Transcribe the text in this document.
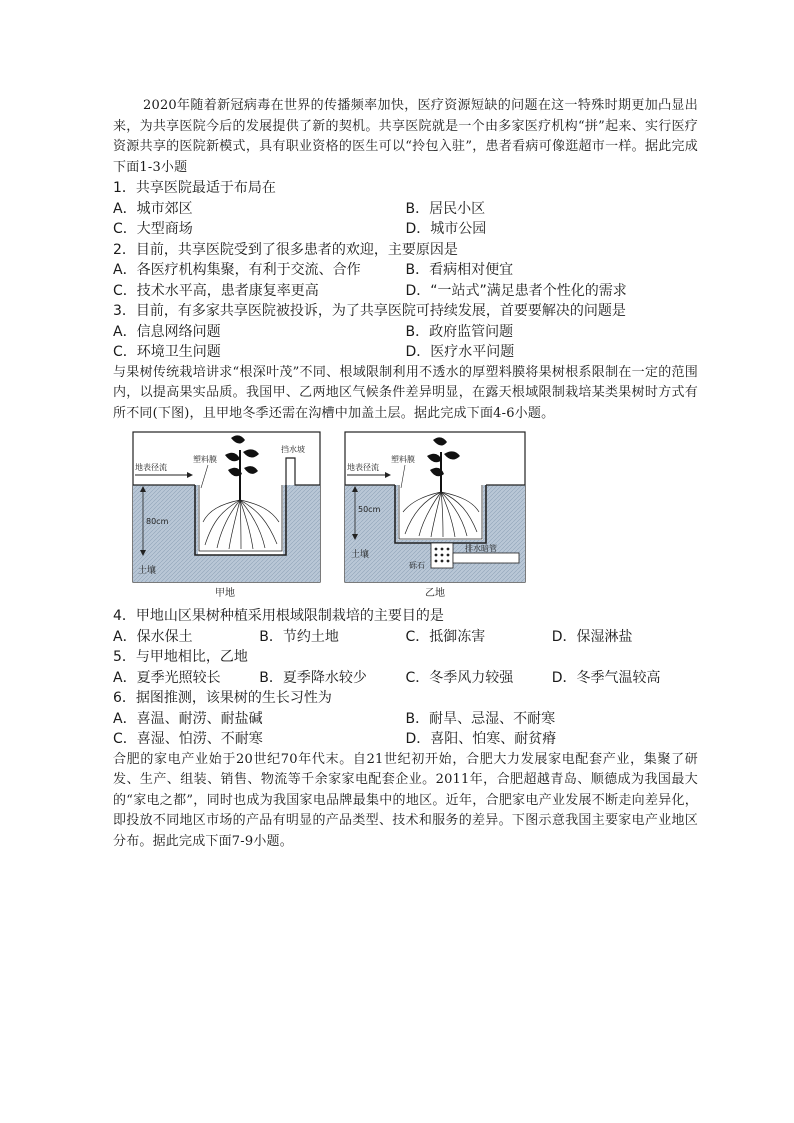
2020年随着新冠病毒在世界的传播频率加快，医疗资源短缺的问题在这一特殊时期更加凸显出来，为共享医院今后的发展提供了新的契机。共享医院就是一个由多家医疗机构“拼”起来、实行医疗资源共享的医院新模式，具有职业资格的医生可以“拎包入驻”，患者看病可像逛超市一样。据此完成下面1-3小题

1．共享医院最适于布局在

A．城市郊区	B．居民小区
C．大型商场	D．城市公园

2．目前，共享医院受到了很多患者的欢迎，主要原因是

A．各医疗机构集聚，有利于交流、合作	B．看病相对便宜
C．技术水平高，患者康复率更高	D．“一站式”满足患者个性化的需求

3．目前，有多家共享医院被投诉，为了共享医院可持续发展，首要要解决的问题是

A．信息网络问题	B．政府监管问题
C．环境卫生问题	D．医疗水平问题

与果树传统栽培讲求“根深叶茂”不同、根域限制利用不透水的厚塑料膜将果树根系限制在一定的范围内，以提高果实品质。我国甲、乙两地区气候条件差异明显，在露天根域限制栽培某类果树时方式有所不同(下图)，且甲地冬季还需在沟槽中加盖土层。据此完成下面4-6小题。

地表径流
塑料膜
挡水坡
80cm
土壤
甲地
地表径流
塑料膜
50cm
土壤
砾石
排水暗管
乙地

4．甲地山区果树种植采用根域限制栽培的主要目的是

A．保水保土	B．节约土地	C．抵御冻害	D．保湿淋盐

5．与甲地相比，乙地

A．夏季光照较长	B．夏季降水较少	C．冬季风力较强	D．冬季气温较高

6．据图推测，该果树的生长习性为

A．喜温、耐涝、耐盐碱	B．耐旱、忌湿、不耐寒
C．喜湿、怕涝、不耐寒	D．喜阳、怕寒、耐贫瘠

合肥的家电产业始于20世纪70年代末。自21世纪初开始，合肥大力发展家电配套产业，集聚了研发、生产、组装、销售、物流等千余家家电配套企业。2011年，合肥超越青岛、顺德成为我国最大的“家电之都”，同时也成为我国家电品牌最集中的地区。近年，合肥家电产业发展不断走向差异化，即投放不同地区市场的产品有明显的产品类型、技术和服务的差异。下图示意我国主要家电产业地区分布。据此完成下面7-9小题。
